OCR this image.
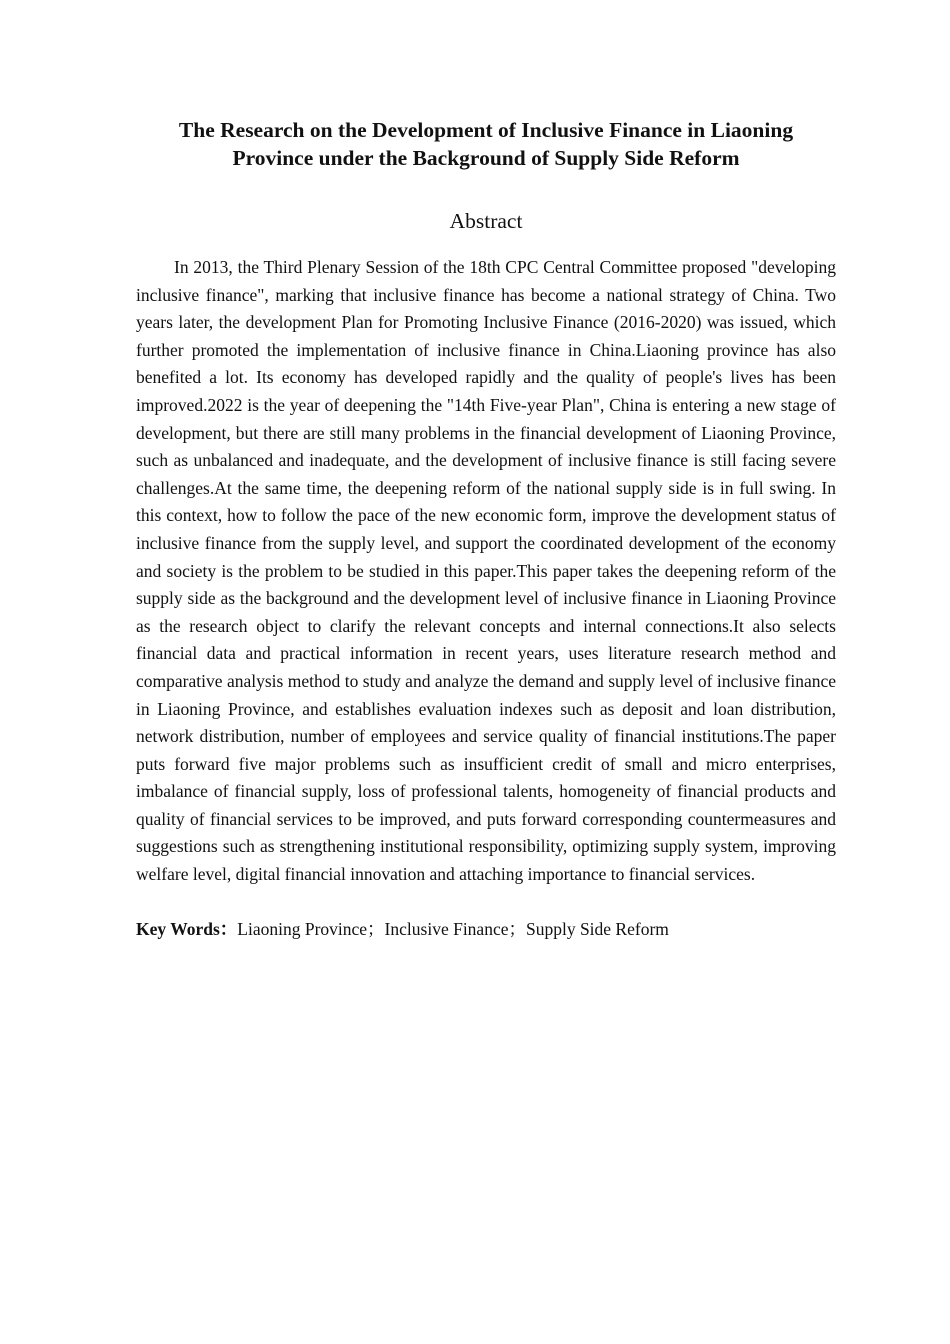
The Research on the Development of Inclusive Finance in Liaoning Province under the Background of Supply Side Reform
Abstract

In 2013, the Third Plenary Session of the 18th CPC Central Committee proposed "developing inclusive finance", marking that inclusive finance has become a national strategy of China. Two years later, the development Plan for Promoting Inclusive Finance (2016-2020) was issued, which further promoted the implementation of inclusive finance in China.Liaoning province has also benefited a lot. Its economy has developed rapidly and the quality of people's lives has been improved.2022 is the year of deepening the "14th Five-year Plan", China is entering a new stage of development, but there are still many problems in the financial development of Liaoning Province, such as unbalanced and inadequate, and the development of inclusive finance is still facing severe challenges.At the same time, the deepening reform of the national supply side is in full swing. In this context, how to follow the pace of the new economic form, improve the development status of inclusive finance from the supply level, and support the coordinated development of the economy and society is the problem to be studied in this paper.This paper takes the deepening reform of the supply side as the background and the development level of inclusive finance in Liaoning Province as the research object to clarify the relevant concepts and internal connections.It also selects financial data and practical information in recent years, uses literature research method and comparative analysis method to study and analyze the demand and supply level of inclusive finance in Liaoning Province, and establishes evaluation indexes such as deposit and loan distribution, network distribution, number of employees and service quality of financial institutions.The paper puts forward five major problems such as insufficient credit of small and micro enterprises, imbalance of financial supply, loss of professional talents, homogeneity of financial products and quality of financial services to be improved, and puts forward corresponding countermeasures and suggestions such as strengthening institutional responsibility, optimizing supply system, improving welfare level, digital financial innovation and attaching importance to financial services.

Key Words：Liaoning Province；Inclusive Finance；Supply Side Reform
